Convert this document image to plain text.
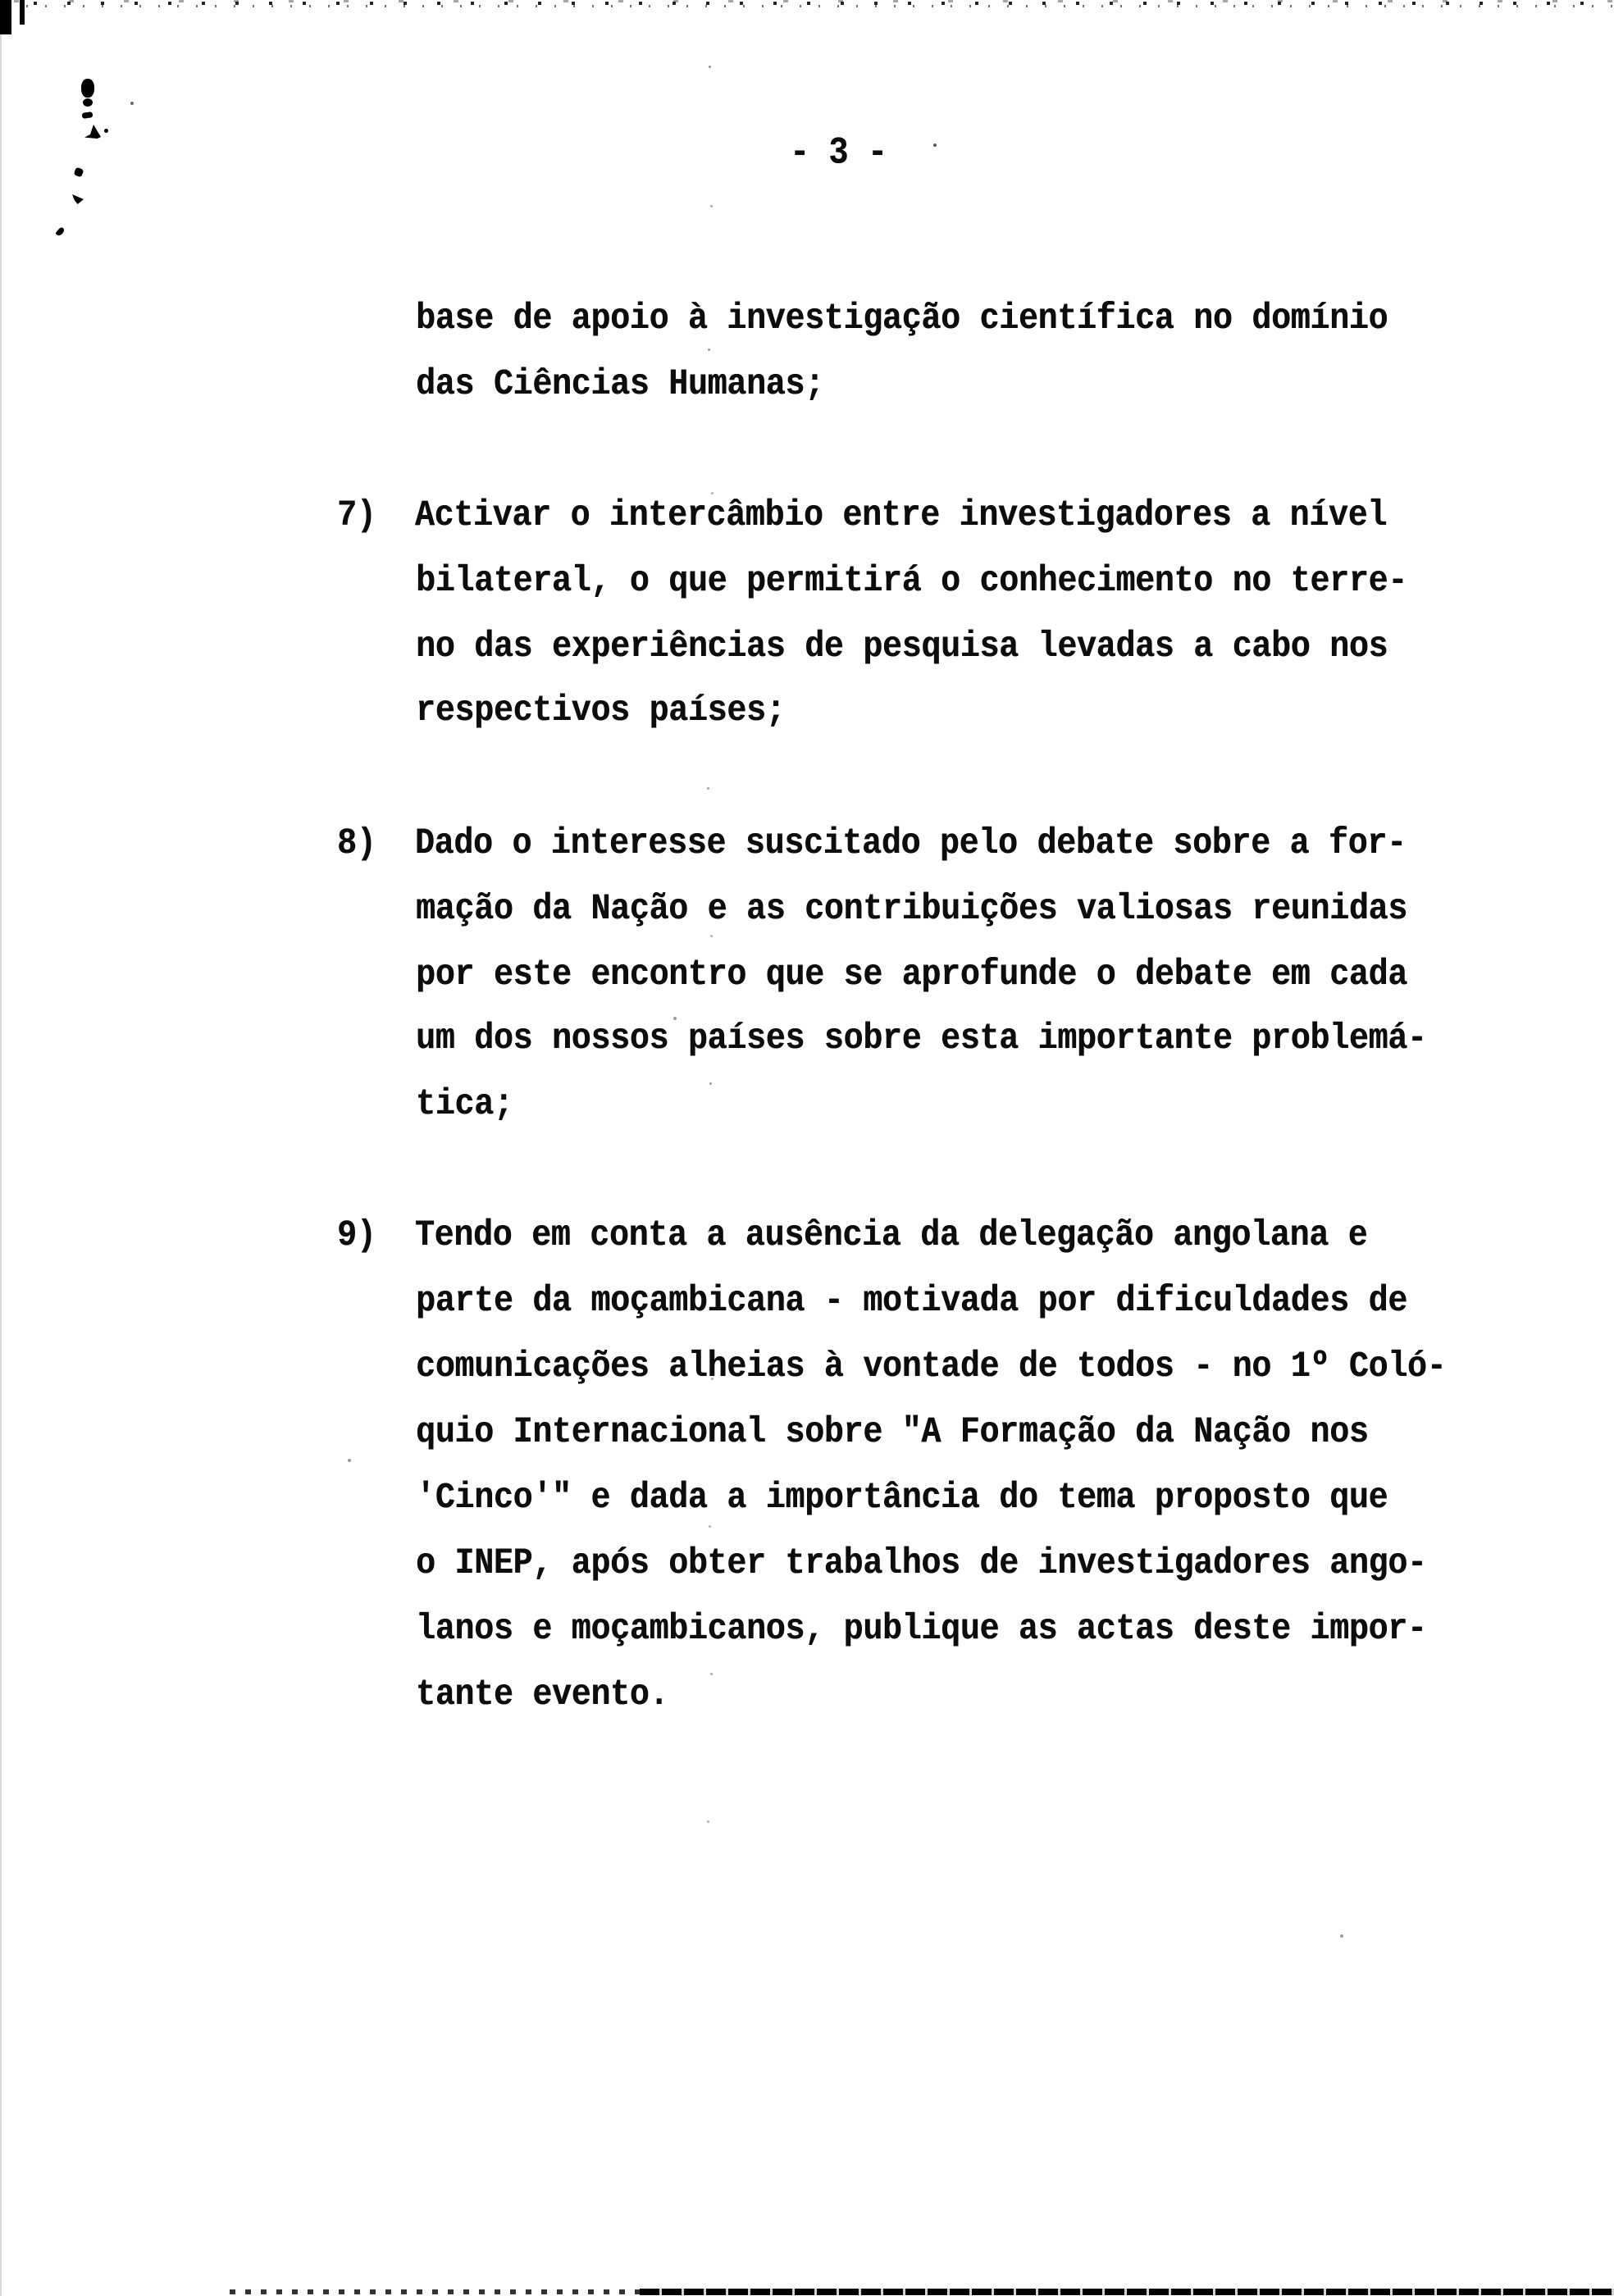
- 3 -
base de apoio à investigação científica no domínio
das Ciências Humanas;
7)  Activar o intercâmbio entre investigadores a nível
bilateral, o que permitirá o conhecimento no terre-
no das experiências de pesquisa levadas a cabo nos
respectivos países;
8)  Dado o interesse suscitado pelo debate sobre a for-
mação da Nação e as contribuições valiosas reunidas
por este encontro que se aprofunde o debate em cada
um dos nossos países sobre esta importante problemá-
tica;
9)  Tendo em conta a ausência da delegação angolana e
parte da moçambicana - motivada por dificuldades de
comunicações alheias à vontade de todos - no 1º Coló-
quio Internacional sobre "A Formação da Nação nos
'Cinco'" e dada a importância do tema proposto que
o INEP, após obter trabalhos de investigadores ango-
lanos e moçambicanos, publique as actas deste impor-
tante evento.
